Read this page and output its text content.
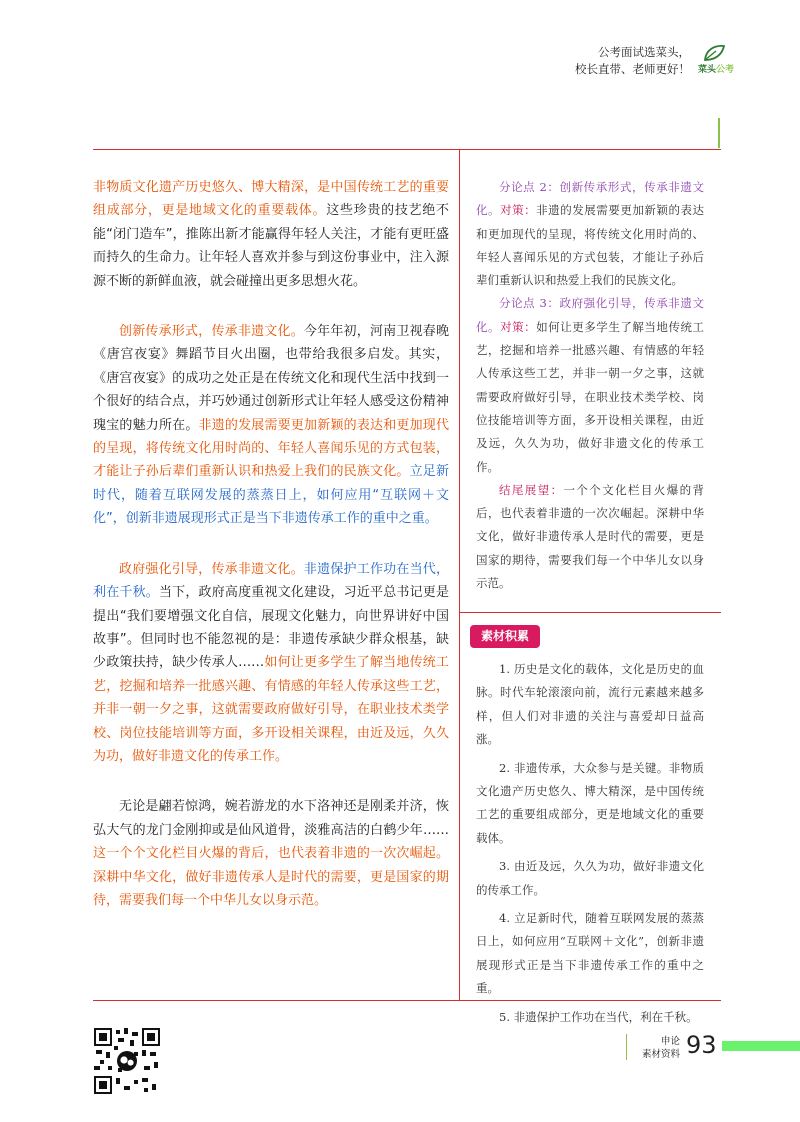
公考面试选菜头，
校长直带、老师更好！ 菜头公考

非物质文化遗产历史悠久、博大精深，是中国传统工艺的重要组成部分，更是地域文化的重要载体。这些珍贵的技艺绝不能“闭门造车”，推陈出新才能赢得年轻人关注，才能有更旺盛而持久的生命力。让年轻人喜欢并参与到这份事业中，注入源源不断的新鲜血液，就会碰撞出更多思想火花。

创新传承形式，传承非遗文化。今年年初，河南卫视春晚《唐宫夜宴》舞蹈节目火出圈，也带给我很多启发。其实，《唐宫夜宴》的成功之处正是在传统文化和现代生活中找到一个很好的结合点，并巧妙通过创新形式让年轻人感受这份精神瑰宝的魅力所在。非遗的发展需要更加新颖的表达和更加现代的呈现，将传统文化用时尚的、年轻人喜闻乐见的方式包装，才能让子孙后辈们重新认识和热爱上我们的民族文化。立足新时代，随着互联网发展的蒸蒸日上，如何应用“互联网＋文化”，创新非遗展现形式正是当下非遗传承工作的重中之重。

政府强化引导，传承非遗文化。非遗保护工作功在当代，利在千秋。当下，政府高度重视文化建设，习近平总书记更是提出“我们要增强文化自信，展现文化魅力，向世界讲好中国故事”。但同时也不能忽视的是：非遗传承缺少群众根基，缺少政策扶持，缺少传承人……如何让更多学生了解当地传统工艺，挖掘和培养一批感兴趣、有情感的年轻人传承这些工艺，并非一朝一夕之事，这就需要政府做好引导，在职业技术类学校、岗位技能培训等方面，多开设相关课程，由近及远，久久为功，做好非遗文化的传承工作。

无论是翩若惊鸿，婉若游龙的水下洛神还是刚柔并济，恢弘大气的龙门金刚抑或是仙风道骨，淡雅高洁的白鹤少年……这一个个文化栏目火爆的背后，也代表着非遗的一次次崛起。深耕中华文化，做好非遗传承人是时代的需要，更是国家的期待，需要我们每一个中华儿女以身示范。

分论点 2：创新传承形式，传承非遗文化。对策：非遗的发展需要更加新颖的表达和更加现代的呈现，将传统文化用时尚的、年轻人喜闻乐见的方式包装，才能让子孙后辈们重新认识和热爱上我们的民族文化。

分论点 3：政府强化引导，传承非遗文化。对策：如何让更多学生了解当地传统工艺，挖掘和培养一批感兴趣、有情感的年轻人传承这些工艺，并非一朝一夕之事，这就需要政府做好引导，在职业技术类学校、岗位技能培训等方面，多开设相关课程，由近及远，久久为功，做好非遗文化的传承工作。

结尾展望：一个个文化栏目火爆的背后，也代表着非遗的一次次崛起。深耕中华文化，做好非遗传承人是时代的需要，更是国家的期待，需要我们每一个中华儿女以身示范。

素材积累

1. 历史是文化的载体，文化是历史的血脉。时代车轮滚滚向前，流行元素越来越多样，但人们对非遗的关注与喜爱却日益高涨。

2. 非遗传承，大众参与是关键。非物质文化遗产历史悠久、博大精深，是中国传统工艺的重要组成部分，更是地域文化的重要载体。

3. 由近及远，久久为功，做好非遗文化的传承工作。

4. 立足新时代，随着互联网发展的蒸蒸日上，如何应用“互联网＋文化”，创新非遗展现形式正是当下非遗传承工作的重中之重。

5. 非遗保护工作功在当代，利在千秋。

申论
素材资料 93
